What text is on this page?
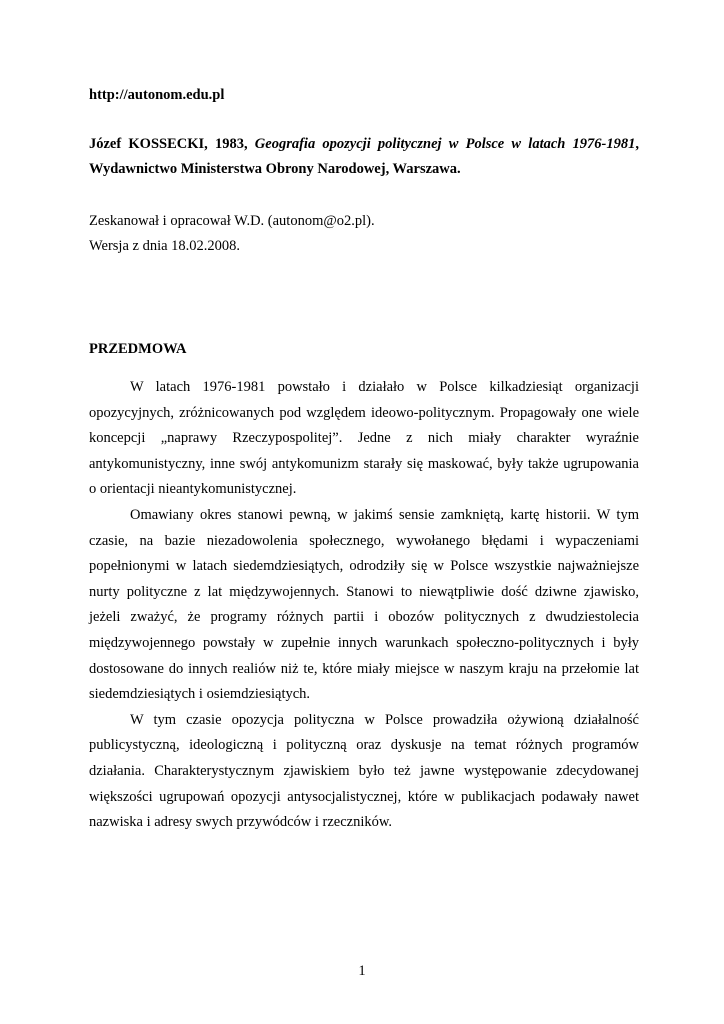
http://autonom.edu.pl
Józef KOSSECKI, 1983, Geografia opozycji politycznej w Polsce w latach 1976-1981,
Wydawnictwo Ministerstwa Obrony Narodowej, Warszawa.
Zeskanował i opracował W.D. (autonom@o2.pl).
Wersja z dnia 18.02.2008.
PRZEDMOWA

W latach 1976-1981 powstało i działało w Polsce kilkadziesiąt organizacji
opozycyjnych, zróżnicowanych pod względem ideowo-politycznym. Propagowały one wiele
koncepcji „naprawy Rzeczypospolitej”. Jedne z nich miały charakter wyraźnie
antykomunistyczny, inne swój antykomunizm starały się maskować, były także ugrupowania
o orientacji nieantykomunistycznej.

Omawiany okres stanowi pewną, w jakimś sensie zamkniętą, kartę historii. W tym
czasie, na bazie niezadowolenia społecznego, wywołanego błędami i wypaczeniami
popełnionymi w latach siedemdziesiątych, odrodziły się w Polsce wszystkie najważniejsze
nurty polityczne z lat międzywojennych. Stanowi to niewątpliwie dość dziwne zjawisko,
jeżeli zważyć, że programy różnych partii i obozów politycznych z dwudziestolecia
międzywojennego powstały w zupełnie innych warunkach społeczno-politycznych i były
dostosowane do innych realiów niż te, które miały miejsce w naszym kraju na przełomie lat
siedemdziesiątych i osiemdziesiątych.

W tym czasie opozycja polityczna w Polsce prowadziła ożywioną działalność
publicystyczną, ideologiczną i polityczną oraz dyskusje na temat różnych programów
działania. Charakterystycznym zjawiskiem było też jawne występowanie zdecydowanej
większości ugrupowań opozycji antysocjalistycznej, które w publikacjach podawały nawet
nazwiska i adresy swych przywódców i rzeczników.

1
